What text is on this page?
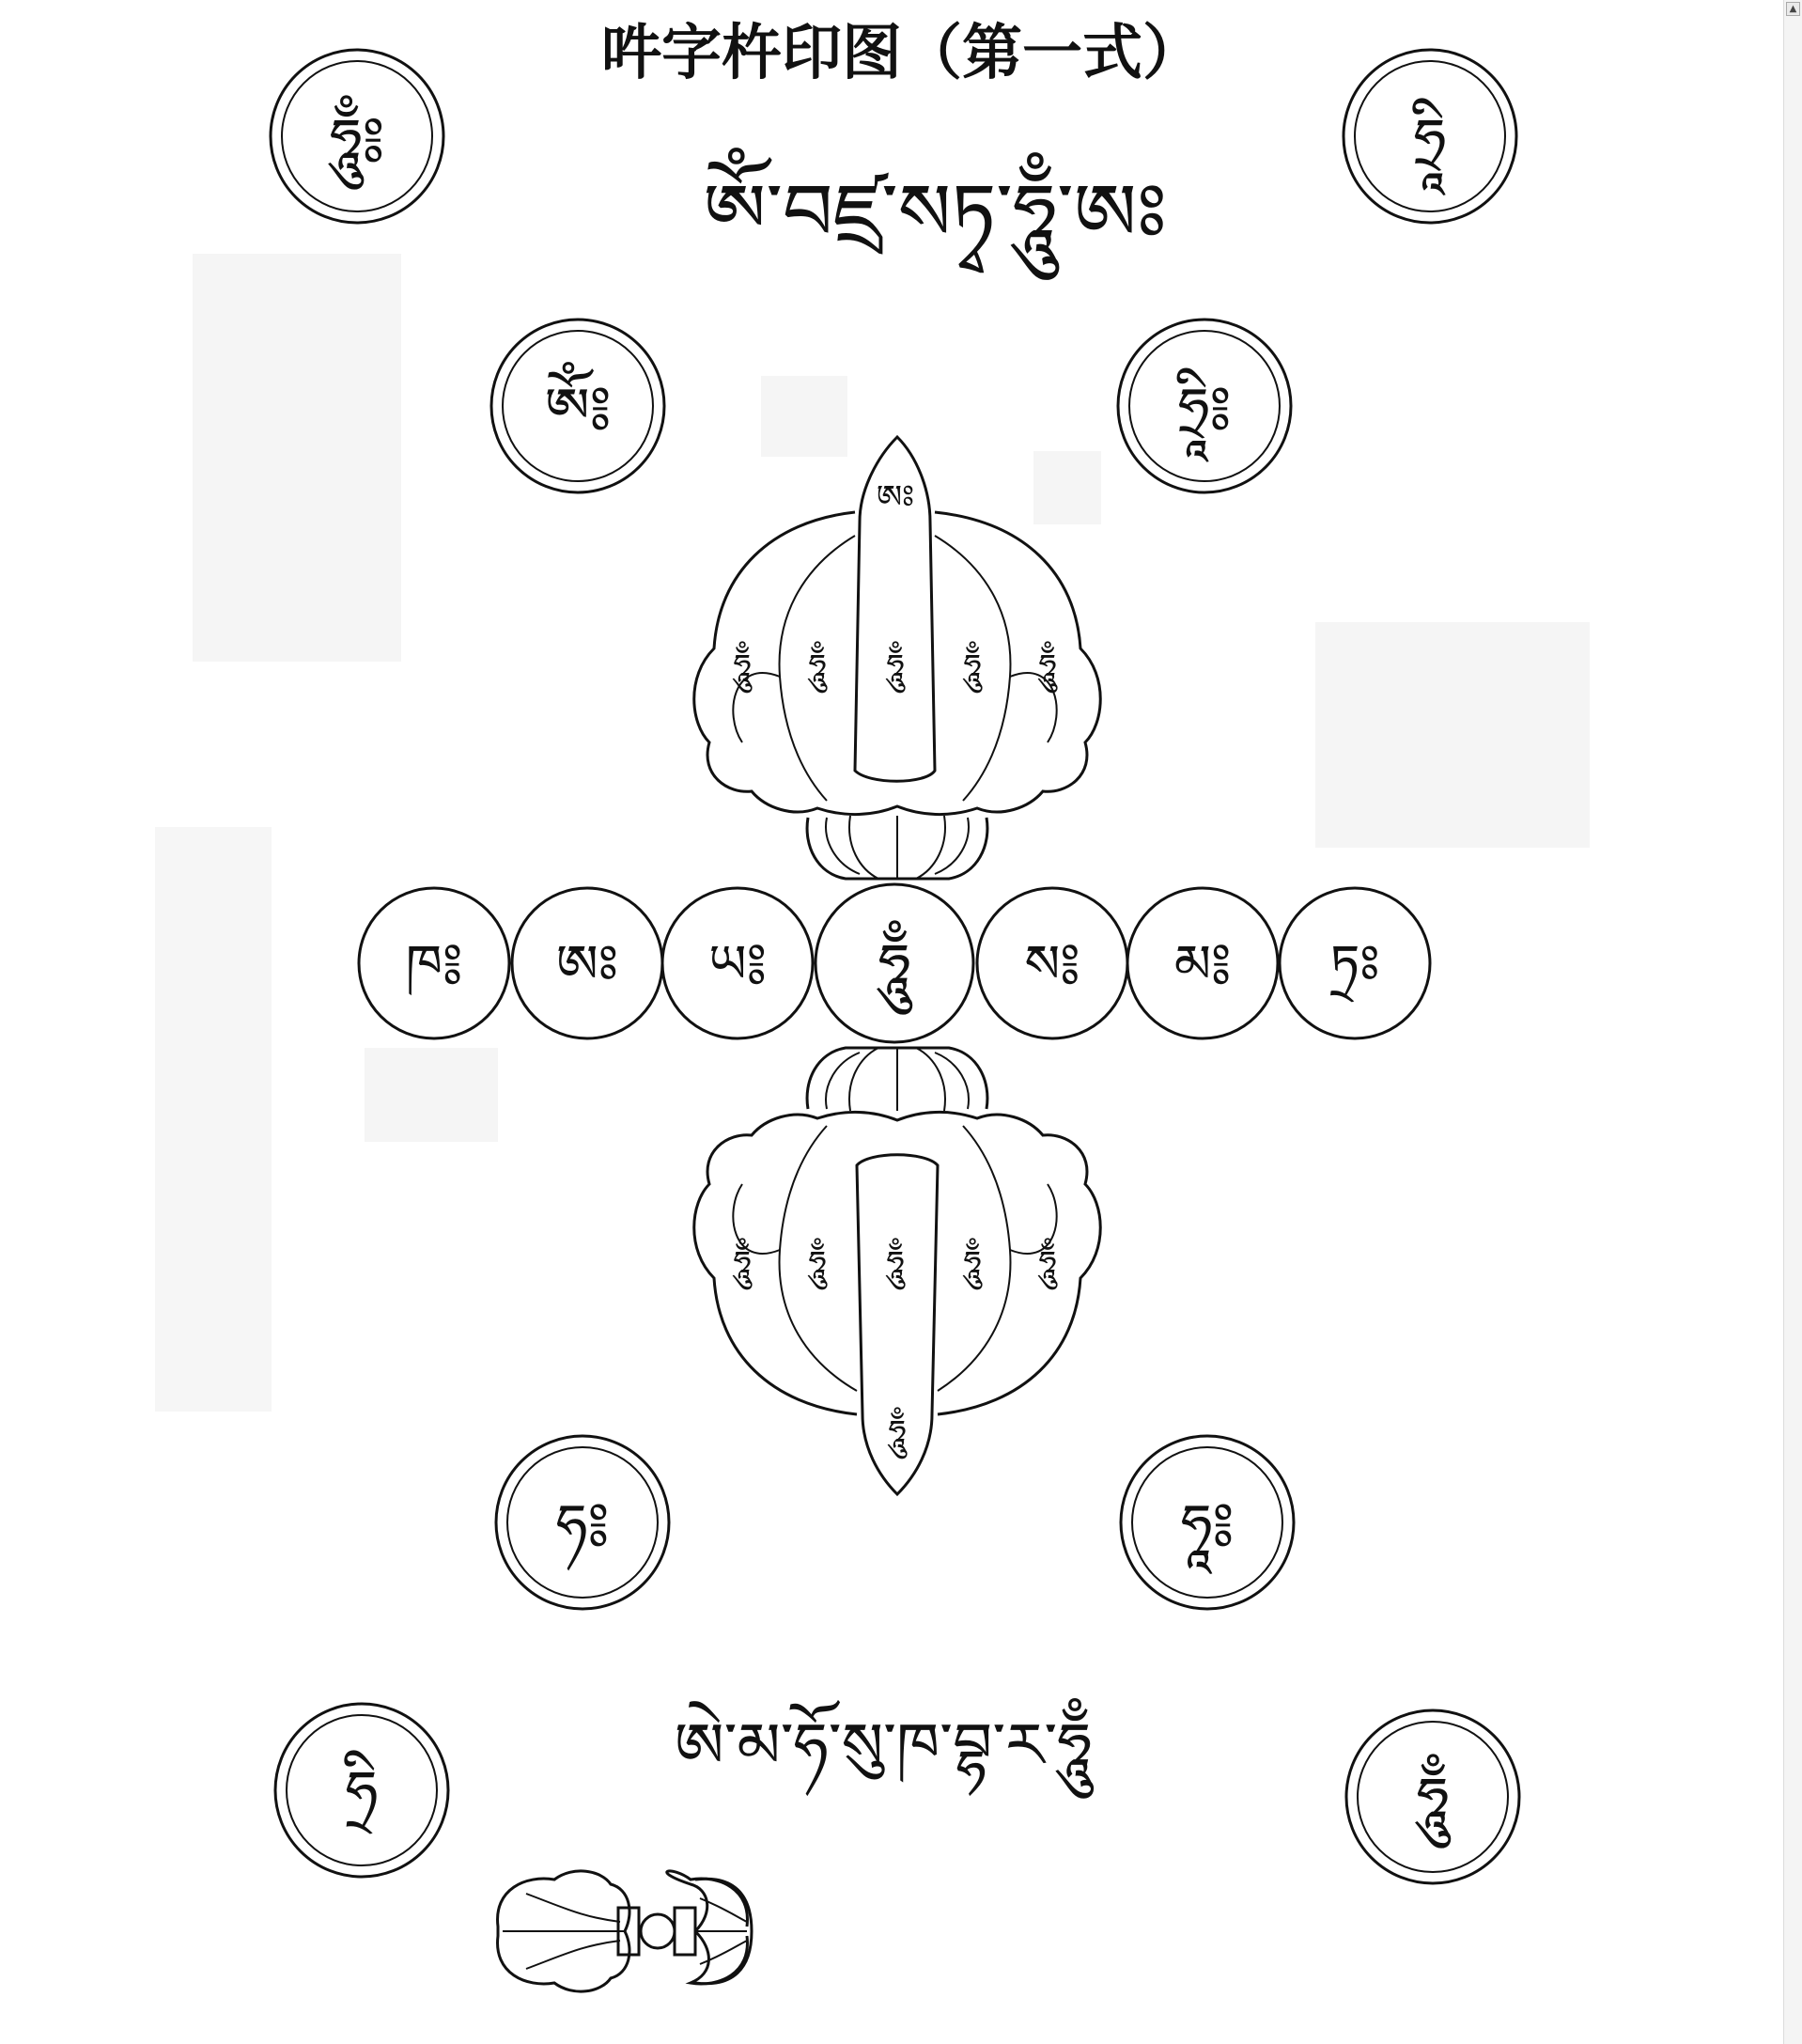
吽字杵印图（第一式）
ཨོཾ་བཛྲ་སཏྭ་ཧཱུྃ་ཨཿ
ཧཱུྃ༔	ཧྲཱི
ཧྲི	ཧཱུྃ
ཨོཾ༔	ཧྲཱི༔
ཧ༔	ཧཱ༔
ཨཿ
ཧཱུྃ ཧཱུྃ ཧཱུྃ ཧཱུྃ ཧཱུྃ
ཁ༔ ཨཿ ཡ༔ ཧཱུྃ ས༔ མ༔ ཏྲཿ
ཧཱུྃ ཧཱུྃ ཧཱུྃ ཧཱུྃ ཧཱུྃ
ཧཱུྃ
ཨེ་མ་ཧོ་སུ་ཁ་བྷ་ར་ཧཱུྃ
▲
